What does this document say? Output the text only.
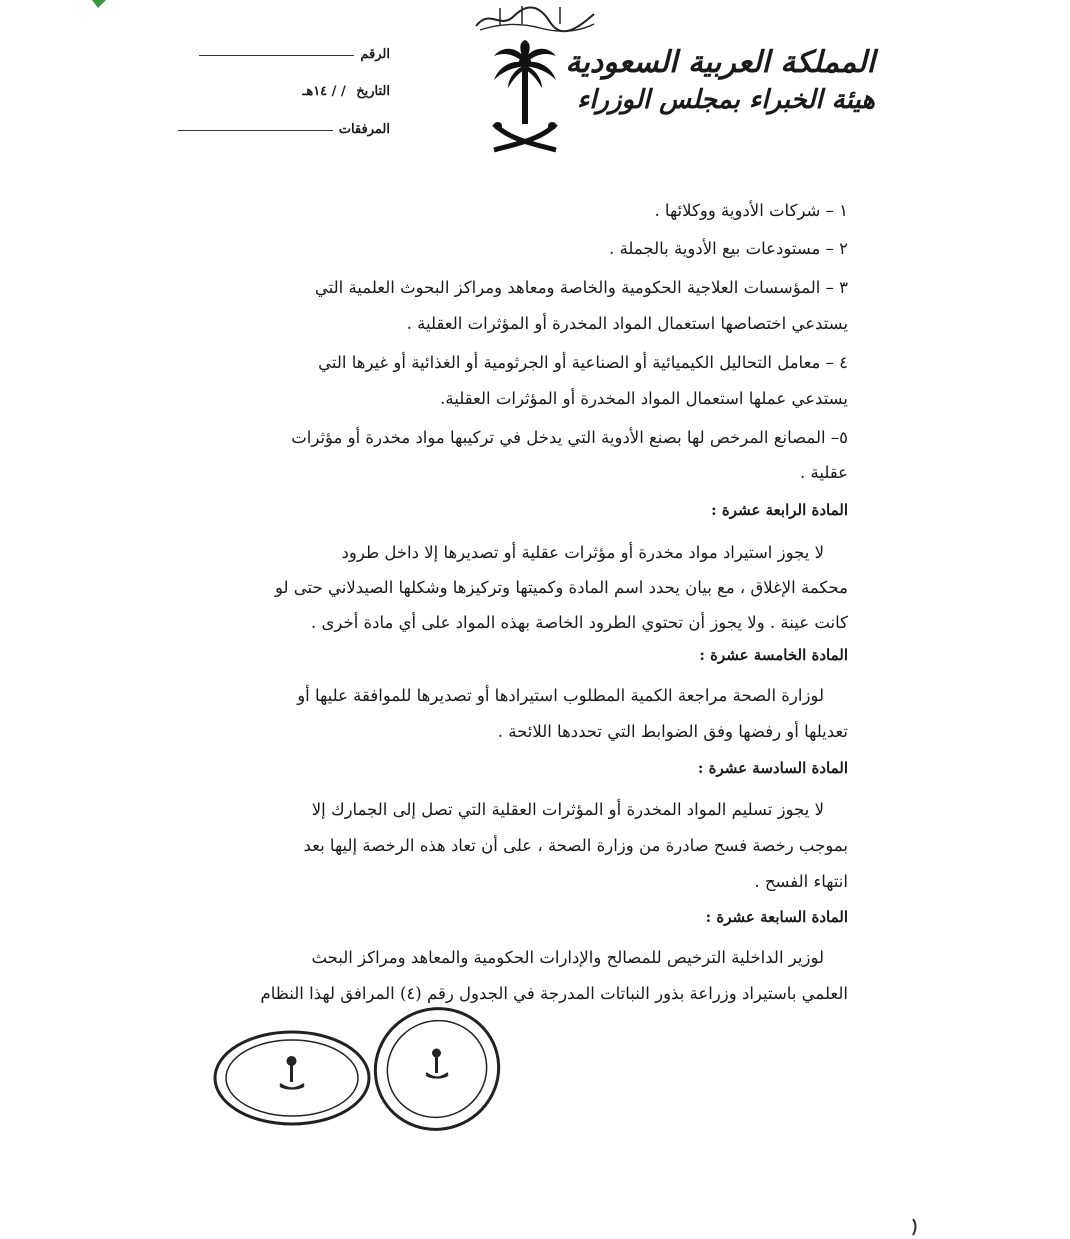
المملكة العربية السعودية
هيئة الخبراء بمجلس الوزراء
الرقم
التاريخ / / ١٤هـ
المرفقات
١ – شركات الأدوية ووكلائها .
٢ – مستودعات بيع الأدوية بالجملة .
٣ – المؤسسات العلاجية الحكومية والخاصة ومعاهد ومراكز البحوث العلمية التي
يستدعي اختصاصها استعمال المواد المخدرة أو المؤثرات العقلية .
٤ – معامل التحاليل الكيميائية أو الصناعية أو الجرثومية أو الغذائية أو غيرها التي
يستدعي عملها استعمال المواد المخدرة أو المؤثرات العقلية.
٥– المصانع المرخص لها بصنع الأدوية التي يدخل في تركيبها مواد مخدرة أو مؤثرات
عقلية .
المادة الرابعة عشرة :
لا يجوز استيراد مواد مخدرة أو مؤثرات عقلية أو تصديرها إلا داخل طرود
محكمة الإغلاق ، مع بيان يحدد اسم المادة وكميتها وتركيزها وشكلها الصيدلاني حتى لو
كانت عينة . ولا يجوز أن تحتوي الطرود الخاصة بهذه المواد على أي مادة أخرى .
المادة الخامسة عشرة :
لوزارة الصحة مراجعة الكمية المطلوب استيرادها أو تصديرها للموافقة عليها أو
تعديلها أو رفضها وفق الضوابط التي تحددها اللائحة .
المادة السادسة عشرة :
لا يجوز تسليم المواد المخدرة أو المؤثرات العقلية التي تصل إلى الجمارك إلا
بموجب رخصة فسح صادرة من وزارة الصحة ، على أن تعاد هذه الرخصة إليها بعد
انتهاء الفسح .
المادة السابعة عشرة :
لوزير الداخلية الترخيص للمصالح والإدارات الحكومية والمعاهد ومراكز البحث
العلمي باستيراد وزراعة بذور النباتات المدرجة في الجدول رقم (٤) المرافق لهذا النظام
